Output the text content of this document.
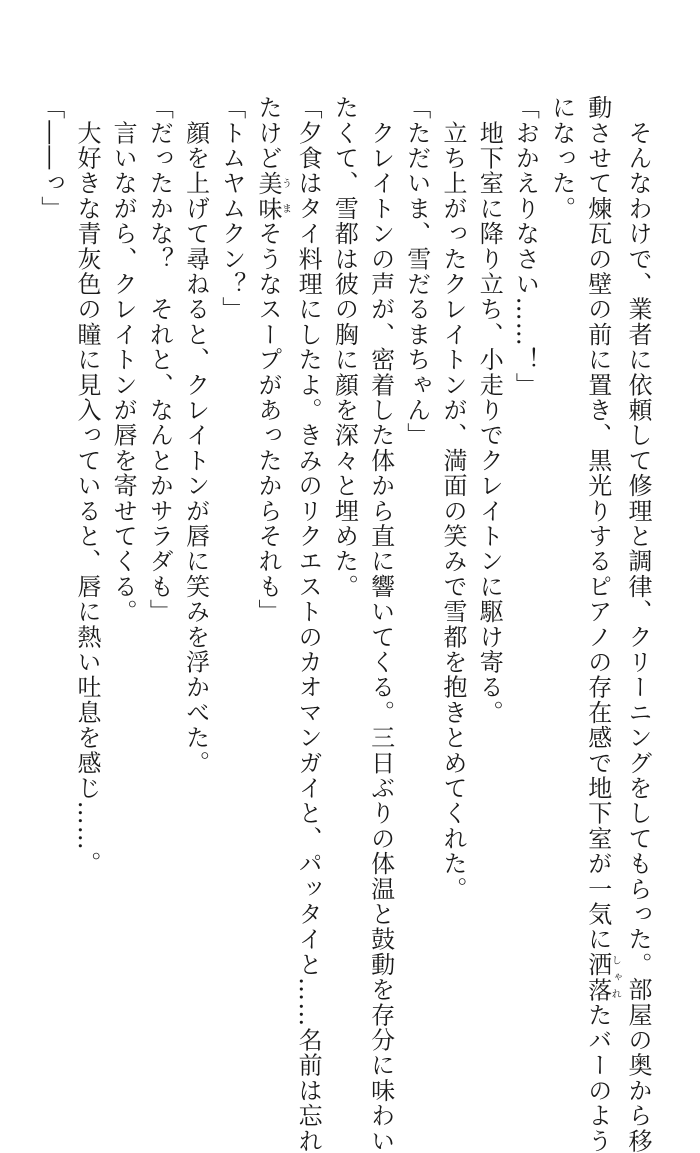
　そんなわけで、業者に依頼して修理と調律、クリーニングをしてもらった。部屋の奥から移

動させて煉瓦の壁の前に置き、黒光りするピアノの存在感で地下室が一気に洒落しゃれたバーのよう

になった。

「おかえりなさい……！」

　地下室に降り立ち、小走りでクレイトンに駆け寄る。

　立ち上がったクレイトンが、満面の笑みで雪都を抱きとめてくれた。

「ただいま、雪だるまちゃん」

　クレイトンの声が、密着した体から直に響いてくる。三日ぶりの体温と鼓動を存分に味わい

たくて、雪都は彼の胸に顔を深々と埋めた。

「夕食はタイ料理にしたよ。きみのリクエストのカオマンガイと、パッタイと……名前は忘れ

たけど美味うまそうなスープがあったからそれも」

「トムヤムクン？」

　顔を上げて尋ねると、クレイトンが唇に笑みを浮かべた。

「だったかな？　それと、なんとかサラダも」

　言いながら、クレイトンが唇を寄せてくる。

　大好きな青灰色の瞳に見入っていると、唇に熱い吐息を感じ……。

「――っ」
